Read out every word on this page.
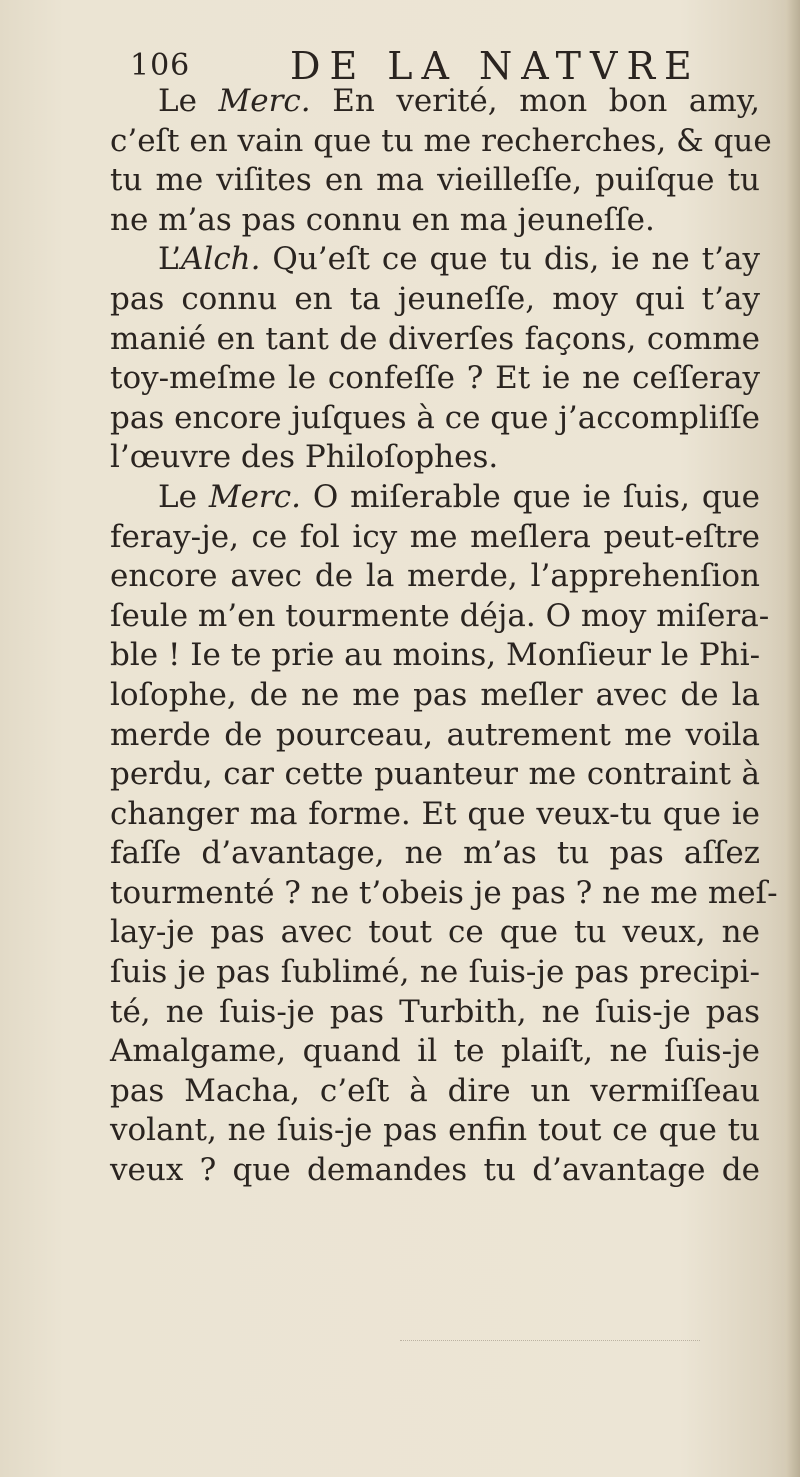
106	DE LA NATVRE
Le Merc. En verité, mon bon amy,
c’eſt en vain que tu me recherches, & que
tu me viſites en ma vieilleſſe, puiſque tu
ne m’as pas connu en ma jeuneſſe.
L’Alch. Qu’eſt ce que tu dis, ie ne t’ay
pas connu en ta jeuneſſe, moy qui t’ay
manié en tant de diverſes façons, comme
toy-meſme le confeſſe ? Et ie ne ceſſeray
pas encore juſques à ce que j’accompliſſe
l’œuvre des Philoſophes.
Le Merc. O miſerable que ie ſuis, que
feray-je, ce fol icy me meſlera peut-eſtre
encore avec de la merde, l’apprehenſion
ſeule m’en tourmente déja. O moy miſera-
ble ! Ie te prie au moins, Monſieur le Phi-
loſophe, de ne me pas meſler avec de la
merde de pourceau, autrement me voila
perdu, car cette puanteur me contraint à
changer ma forme. Et que veux-tu que ie
faſſe d’avantage, ne m’as tu pas aſſez
tourmenté ? ne t’obeis je pas ? ne me meſ-
lay-je pas avec tout ce que tu veux, ne
ſuis je pas ſublimé, ne ſuis-je pas precipi-
té, ne ſuis-je pas Turbith, ne ſuis-je pas
Amalgame, quand il te plaiſt, ne ſuis-je
pas Macha, c’eſt à dire un vermiſſeau
volant, ne ſuis-je pas enfin tout ce que tu
veux ? que demandes tu d’avantage de
